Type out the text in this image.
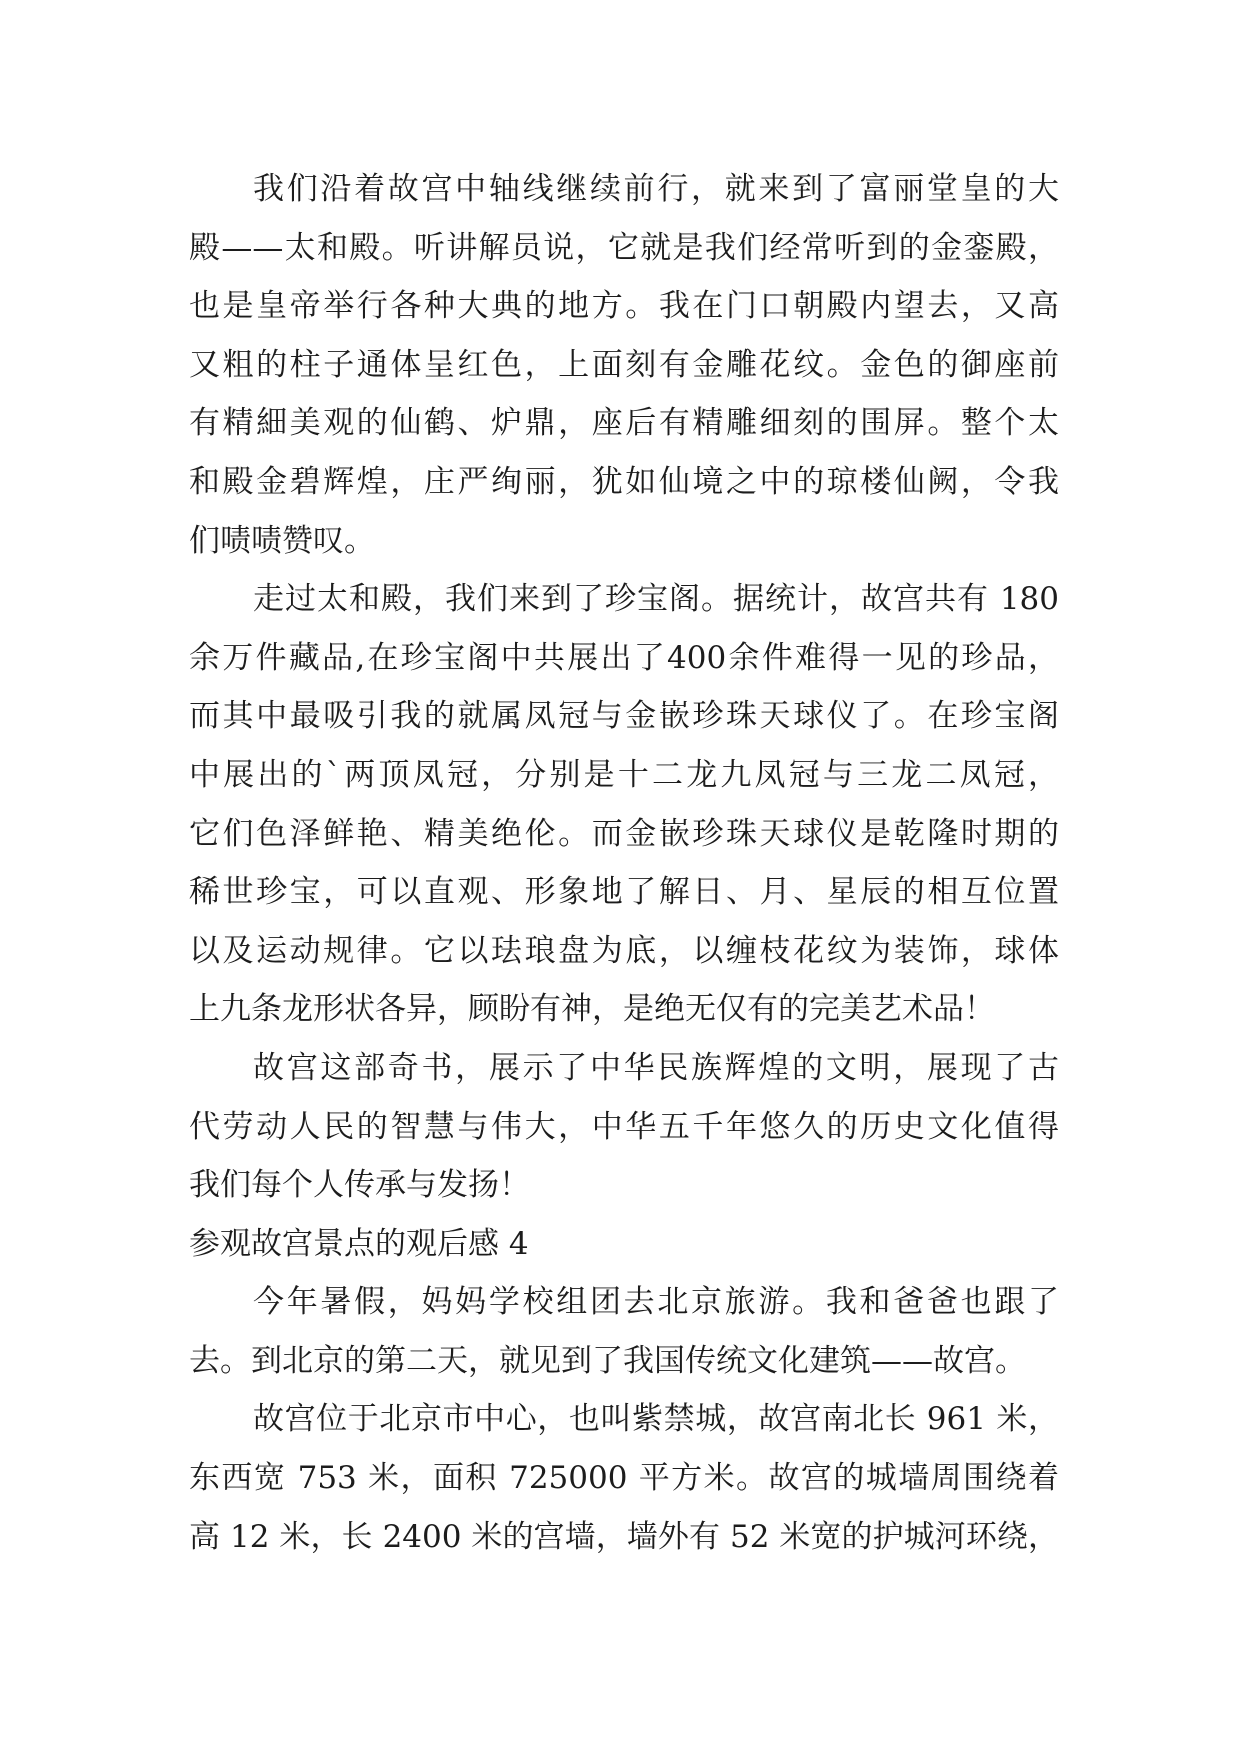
我们沿着故宫中轴线继续前行，就来到了富丽堂皇的大
殿——太和殿。听讲解员说，它就是我们经常听到的金銮殿，
也是皇帝举行各种大典的地方。我在门口朝殿内望去，又高
又粗的柱子通体呈红色，上面刻有金雕花纹。金色的御座前
有精細美观的仙鹤、炉鼎，座后有精雕细刻的围屏。整个太
和殿金碧辉煌，庄严绚丽，犹如仙境之中的琼楼仙阙，令我
们啧啧赞叹。
走过太和殿，我们来到了珍宝阁。据统计，故宫共有 180
余万件藏品,在珍宝阁中共展出了400余件难得一见的珍品，
而其中最吸引我的就属凤冠与金嵌珍珠天球仪了。在珍宝阁
中展出的`两顶凤冠，分别是十二龙九凤冠与三龙二凤冠，
它们色泽鲜艳、精美绝伦。而金嵌珍珠天球仪是乾隆时期的
稀世珍宝，可以直观、形象地了解日、月、星辰的相互位置
以及运动规律。它以珐琅盘为底，以缠枝花纹为装饰，球体
上九条龙形状各异，顾盼有神，是绝无仅有的完美艺术品！
故宫这部奇书，展示了中华民族辉煌的文明，展现了古
代劳动人民的智慧与伟大，中华五千年悠久的历史文化值得
我们每个人传承与发扬！
参观故宫景点的观后感 4
今年暑假，妈妈学校组团去北京旅游。我和爸爸也跟了
去。到北京的第二天，就见到了我国传统文化建筑——故宫。
故宫位于北京市中心，也叫紫禁城，故宫南北长 961 米，
东西宽 753 米，面积 725000 平方米。故宫的城墙周围绕着
高 12 米，长 2400 米的宫墙，墙外有 52 米宽的护城河环绕，
